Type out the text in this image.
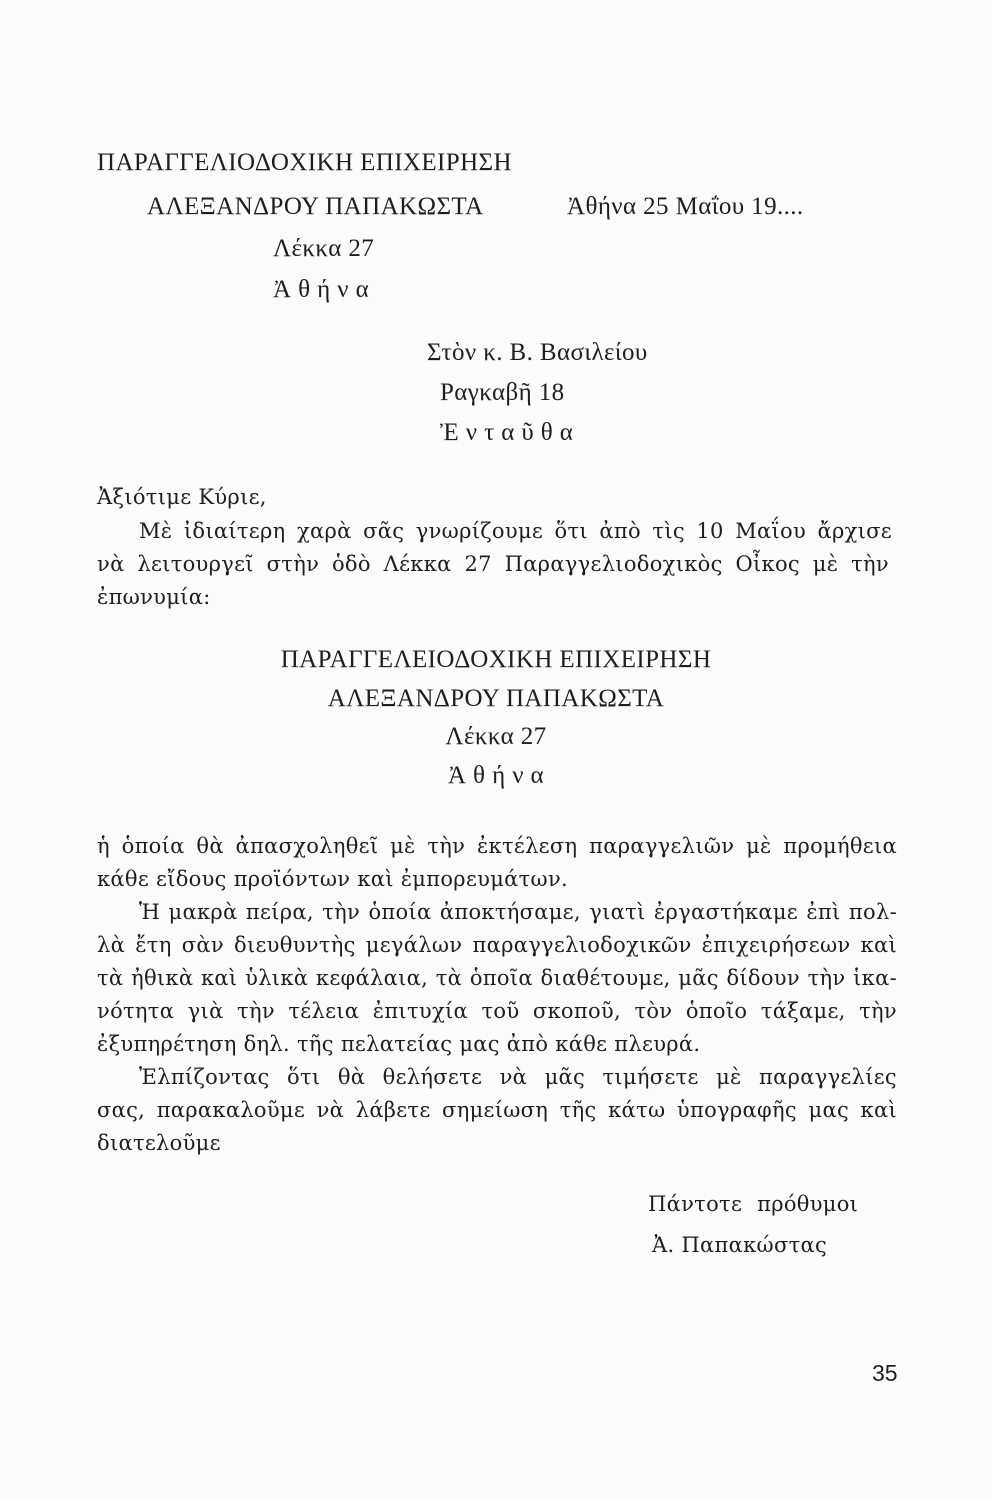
ΠΑΡΑΓΓΕΛΙΟΔΟΧΙΚΗ ΕΠΙΧΕΙΡΗΣΗ
ΑΛΕΞΑΝΔΡΟΥ ΠΑΠΑΚΩΣΤΑ	Ἀθήνα 25 Μαΐου 19....
Λέκκα 27
Ἀ θ ή ν α
Στὸν κ. Β. Βασιλείου
Ραγκαβῆ 18
Ἐ ν τ α ῦ θ α
Ἀξιότιμε Κύριε,
Μὲ ἰδιαίτερη χαρὰ σᾶς γνωρίζουμε ὅτι ἀπὸ τὶς 10 Μαΐου ἄρχισε
νὰ λειτουργεῖ στὴν ὁδὸ Λέκκα 27 Παραγγελιοδοχικὸς Οἶκος μὲ τὴν
ἐπωνυμία:
ΠΑΡΑΓΓΕΛΕΙΟΔΟΧΙΚΗ ΕΠΙΧΕΙΡΗΣΗ
ΑΛΕΞΑΝΔΡΟΥ ΠΑΠΑΚΩΣΤΑ
Λέκκα 27
Ἀ θ ή ν α
ἡ ὁποία θὰ ἀπασχοληθεῖ μὲ τὴν ἐκτέλεση παραγγελιῶν μὲ προμήθεια
κάθε εἴδους προϊόντων καὶ ἐμπορευμάτων.
Ἡ μακρὰ πείρα, τὴν ὁποία ἀποκτήσαμε, γιατὶ ἐργαστήκαμε ἐπὶ πολ-
λὰ ἔτη σὰν διευθυντὴς μεγάλων παραγγελιοδοχικῶν ἐπιχειρήσεων καὶ
τὰ ἠθικὰ καὶ ὑλικὰ κεφάλαια, τὰ ὁποῖα διαθέτουμε, μᾶς δίδουν τὴν ἱκα-
νότητα γιὰ τὴν τέλεια ἐπιτυχία τοῦ σκοποῦ, τὸν ὁποῖο τάξαμε, τὴν
ἐξυπηρέτηση δηλ. τῆς πελατείας μας ἀπὸ κάθε πλευρά.
Ἐλπίζοντας ὅτι θὰ θελήσετε νὰ μᾶς τιμήσετε μὲ παραγγελίες
σας, παρακαλοῦμε νὰ λάβετε σημείωση τῆς κάτω ὑπογραφῆς μας καὶ
διατελοῦμε
Πάντοτε πρόθυμοι
Ἀ. Παπακώστας
35
